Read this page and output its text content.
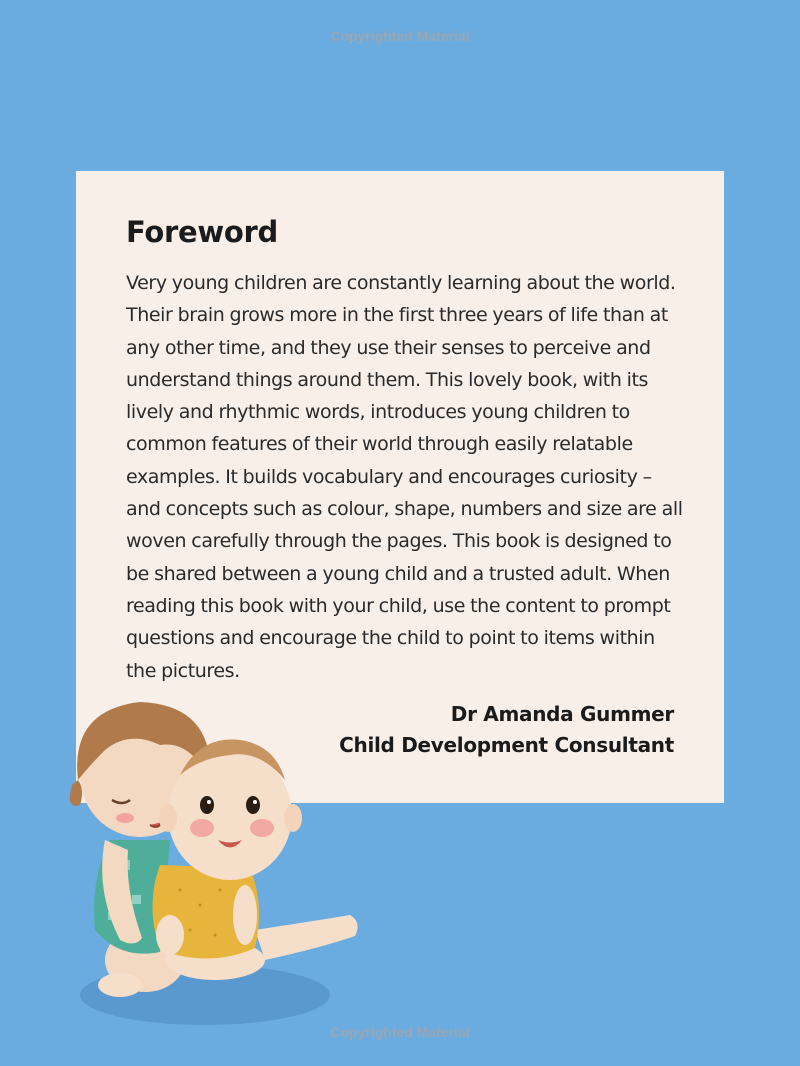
Copyrighted Material
Foreword

Very young children are constantly learning about the world. Their brain grows more in the first three years of life than at any other time, and they use their senses to perceive and understand things around them. This lovely book, with its lively and rhythmic words, introduces young children to common features of their world through easily relatable examples. It builds vocabulary and encourages curiosity – and concepts such as colour, shape, numbers and size are all woven carefully through the pages. This book is designed to be shared between a young child and a trusted adult. When reading this book with your child, use the content to prompt questions and encourage the child to point to items within the pictures.

Dr Amanda Gummer
Child Development Consultant
Copyrighted Material
